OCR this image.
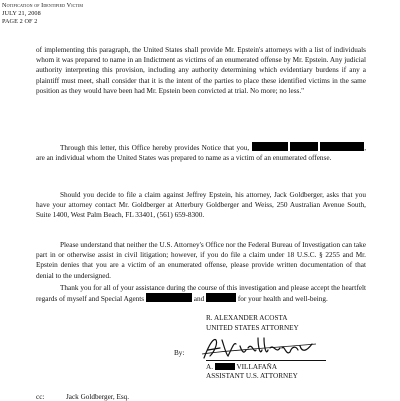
Notification of Identified Victim
JULY 21, 2008
PAGE 2 OF 2

of implementing this paragraph, the United States shall provide Mr. Epstein's attorneys with a list of individuals whom it was prepared to name in an Indictment as victims of an enumerated offense by Mr. Epstein. Any judicial authority interpreting this provision, including any authority determining which evidentiary burdens if any a plaintiff must meet, shall consider that it is the intent of the parties to place these identified victims in the same position as they would have been had Mr. Epstein been convicted at trial. No more; no less."

Through this letter, this Office hereby provides Notice that you,	, are an individual whom the United States was prepared to name as a victim of an enumerated offense.

Should you decide to file a claim against Jeffrey Epstein, his attorney, Jack Goldberger, asks that you have your attorney contact Mr. Goldberger at Atterbury Goldberger and Weiss, 250 Australian Avenue South, Suite 1400, West Palm Beach, FL 33401, (561) 659-8300.

Please understand that neither the U.S. Attorney's Office nor the Federal Bureau of Investigation can take part in or otherwise assist in civil litigation; however, if you do file a claim under 18 U.S.C. § 2255 and Mr. Epstein denies that you are a victim of an enumerated offense, please provide written documentation of that denial to the undersigned.

Thank you for all of your assistance during the course of this investigation and please accept the heartfelt regards of myself and Special Agents	and	for your health and well-being.

R. ALEXANDER ACOSTA
UNITED STATES ATTORNEY
By:
A.	VILLAFAÑA
ASSISTANT U.S. ATTORNEY
cc:	Jack Goldberger, Esq.
